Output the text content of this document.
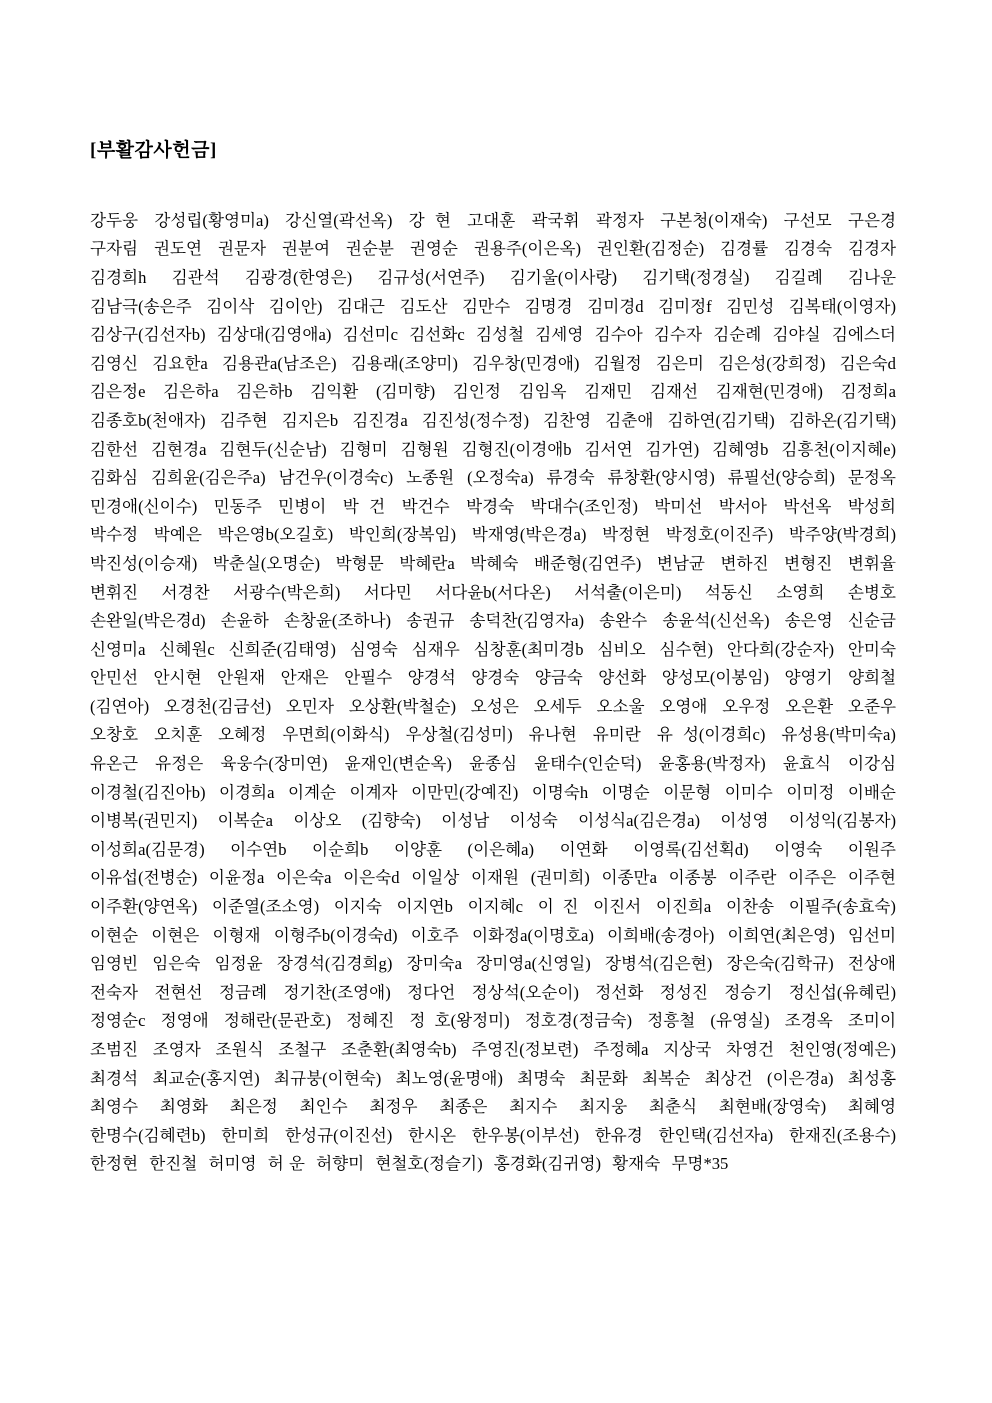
[부활감사헌금]
강두웅 강성립(황영미a) 강신열(곽선옥) 강 현 고대훈 곽국휘 곽정자 구본청(이재숙) 구선모 구은경 구자림 권도연 권문자 권분여 권순분 권영순 권용주(이은옥) 권인환(김정순) 김경률 김경숙 김경자 김경희h 김관석 김광경(한영은) 김규성(서연주) 김기울(이사랑) 김기택(정경실) 김길례 김나운 김남극(송은주 김이삭 김이안) 김대근 김도산 김만수 김명경 김미경d 김미정f 김민성 김복태(이영자) 김상구(김선자b) 김상대(김영애a) 김선미c 김선화c 김성철 김세영 김수아 김수자 김순례 김야실 김에스더 김영신 김요한a 김용관a(남조은) 김용래(조양미) 김우창(민경애) 김월정 김은미 김은성(강희정) 김은숙d 김은정e 김은하a 김은하b 김익환 (김미향) 김인정 김임옥 김재민 김재선 김재현(민경애) 김정희a 김종호b(천애자) 김주현 김지은b 김진경a 김진성(정수정) 김찬영 김춘애 김하연(김기택) 김하온(김기택) 김한선 김현경a 김현두(신순남) 김형미 김형원 김형진(이경애b 김서연 김가연) 김혜영b 김흥천(이지혜e) 김화심 김희윤(김은주a) 남건우(이경숙c) 노종원 (오정숙a) 류경숙 류창환(양시영) 류필선(양승희) 문정옥 민경애(신이수) 민동주 민병이 박 건 박건수 박경숙 박대수(조인정) 박미선 박서아 박선옥 박성희 박수정 박예은 박은영b(오길호) 박인희(장복임) 박재영(박은경a) 박정현 박정호(이진주) 박주양(박경희) 박진성(이승재) 박춘실(오명순) 박형문 박혜란a 박혜숙 배준형(김연주) 변남균 변하진 변형진 변휘율 변휘진 서경찬 서광수(박은희) 서다민 서다윤b(서다온) 서석출(이은미) 석동신 소영희 손병호 손완일(박은경d) 손윤하 손창윤(조하나) 송권규 송덕찬(김영자a) 송완수 송윤석(신선옥) 송은영 신순금 신영미a 신혜원c 신희준(김태영) 심영숙 심재우 심창훈(최미경b 심비오 심수현) 안다희(강순자) 안미숙 안민선 안시현 안원재 안재은 안필수 양경석 양경숙 양금숙 양선화 양성모(이봉임) 양영기 양희철 (김연아) 오경천(김금선) 오민자 오상환(박철순) 오성은 오세두 오소울 오영애 오우정 오은환 오준우 오창호 오치훈 오혜정 우면희(이화식) 우상철(김성미) 유나현 유미란 유 성(이경희c) 유성용(박미숙a) 유온근 유정은 육웅수(장미연) 윤재인(변순옥) 윤종심 윤태수(인순덕) 윤홍용(박정자) 윤효식 이강심 이경철(김진아b) 이경희a 이계순 이계자 이만민(강예진) 이명숙h 이명순 이문형 이미수 이미정 이배순 이병복(권민지) 이복순a 이상오 (김향숙) 이성남 이성숙 이성식a(김은경a) 이성영 이성익(김봉자) 이성희a(김문경) 이수연b 이순희b 이양훈 (이은혜a) 이연화 이영록(김선획d) 이영숙 이원주 이유섭(전병순) 이윤정a 이은숙a 이은숙d 이일상 이재원 (권미희) 이종만a 이종봉 이주란 이주은 이주현 이주환(양연옥) 이준열(조소영) 이지숙 이지연b 이지혜c 이 진 이진서 이진희a 이찬송 이필주(송효숙) 이현순 이현은 이형재 이형주b(이경숙d) 이호주 이화정a(이명호a) 이희배(송경아) 이희연(최은영) 임선미 임영빈 임은숙 임정윤 장경석(김경희g) 장미숙a 장미영a(신영일) 장병석(김은현) 장은숙(김학규) 전상애 전숙자 전현선 정금례 정기찬(조영애) 정다언 정상석(오순이) 정선화 정성진 정승기 정신섭(유혜린) 정영순c 정영애 정해란(문관호) 정혜진 정 호(왕정미) 정호경(정금숙) 정흥철 (유영실) 조경옥 조미이 조범진 조영자 조원식 조철구 조춘환(최영숙b) 주영진(정보련) 주정혜a 지상국 차영건 천인영(정예은) 최경석 최교순(홍지연) 최규붕(이현숙) 최노영(윤명애) 최명숙 최문화 최복순 최상건 (이은경a) 최성홍 최영수 최영화 최은정 최인수 최정우 최종은 최지수 최지웅 최춘식 최현배(장영숙) 최혜영 한명수(김혜련b) 한미희 한성규(이진선) 한시온 한우봉(이부선) 한유경 한인택(김선자a) 한재진(조용수) 한정현 한진철 허미영 허 운 허향미 현철호(정슬기) 홍경화(김귀영) 황재숙 무명*35
